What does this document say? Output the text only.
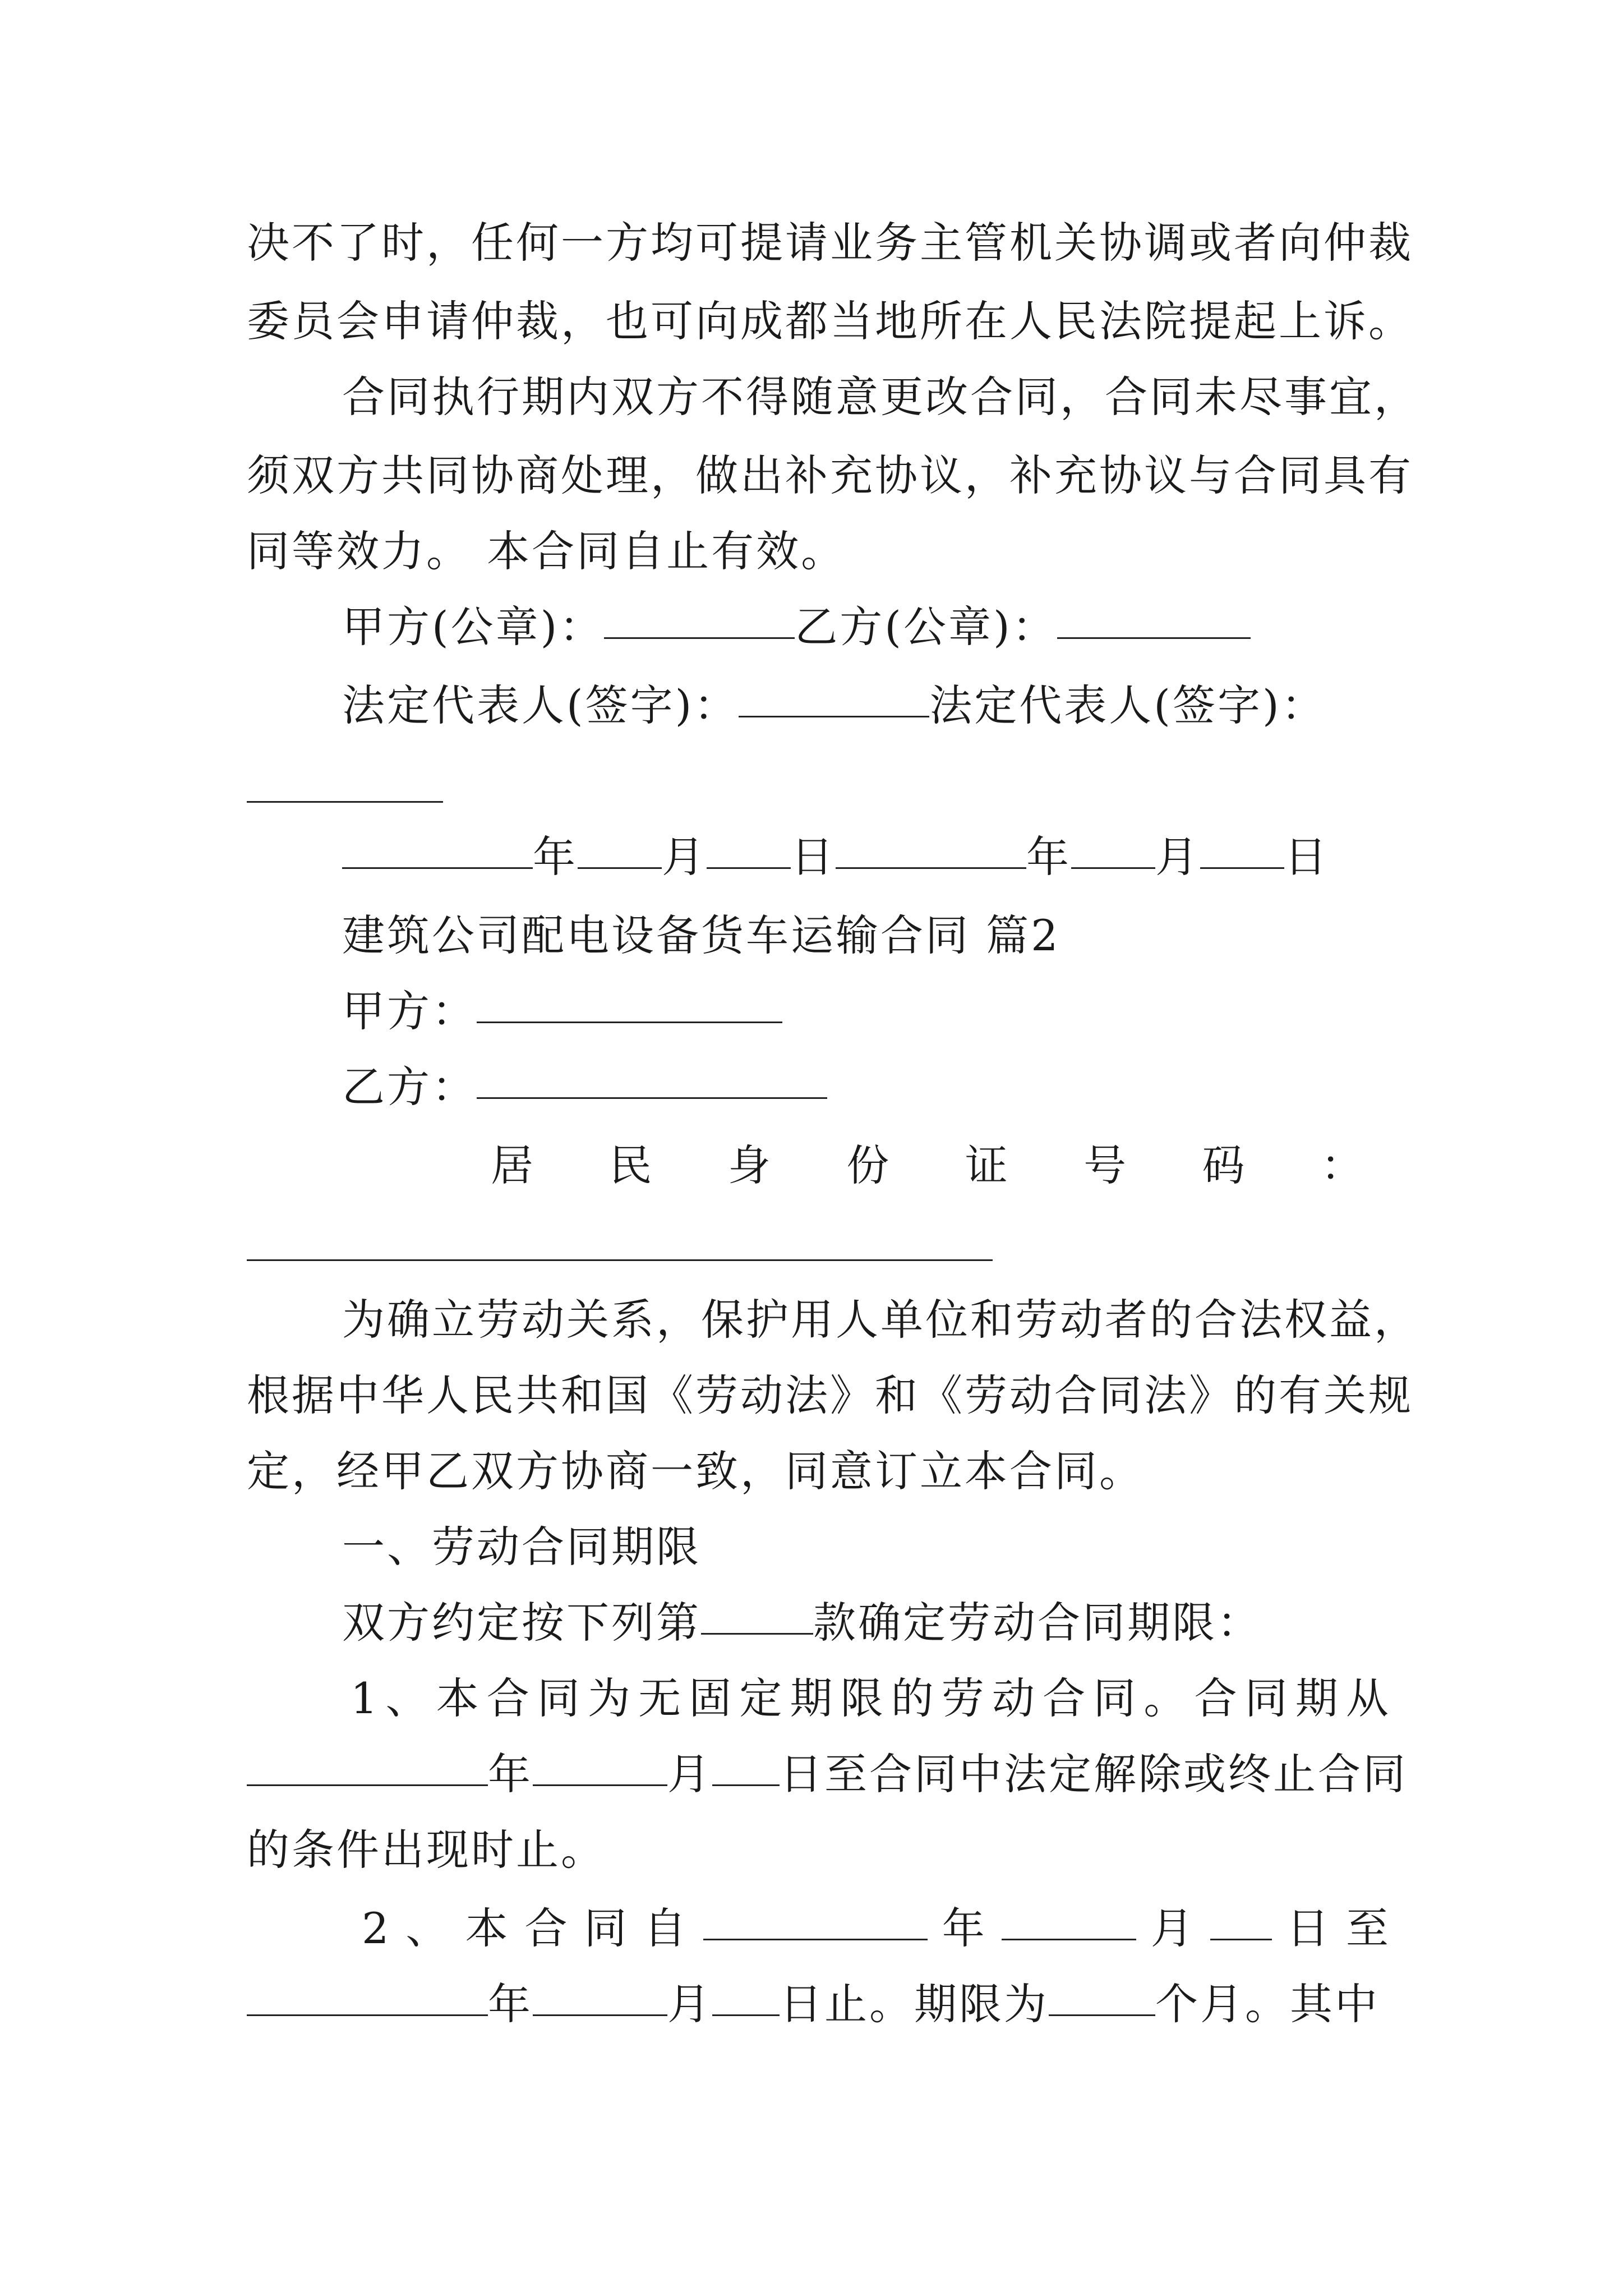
决不了时，任何一方均可提请业务主管机关协调或者向仲裁
委员会申请仲裁，也可向成都当地所在人民法院提起上诉。
合同执行期内双方不得随意更改合同，合同未尽事宜，
须双方共同协商处理，做出补充协议，补充协议与合同具有
同等效力。 本合同自止有效。
甲方(公章)：	乙方(公章)：
法定代表人(签字)：	法定代表人(签字)：
年 月 日	年 月 日
建筑公司配电设备货车运输合同 篇2
甲方：
乙方：
居 民 身 份 证 号 码 ：
为确立劳动关系，保护用人单位和劳动者的合法权益，
根据中华人民共和国《劳动法》和《劳动合同法》的有关规
定，经甲乙双方协商一致，同意订立本合同。
一、劳动合同期限
双方约定按下列第	款确定劳动合同期限：
1 、 本 合 同 为 无 固 定 期 限 的 劳 动 合 同 。 合 同 期 从
年	月 日至合同中法定解除或终止合同
的条件出现时止。
2 、 本 合 同 自	年	月 日 至
年	月 日止。期限为	个月。其中
